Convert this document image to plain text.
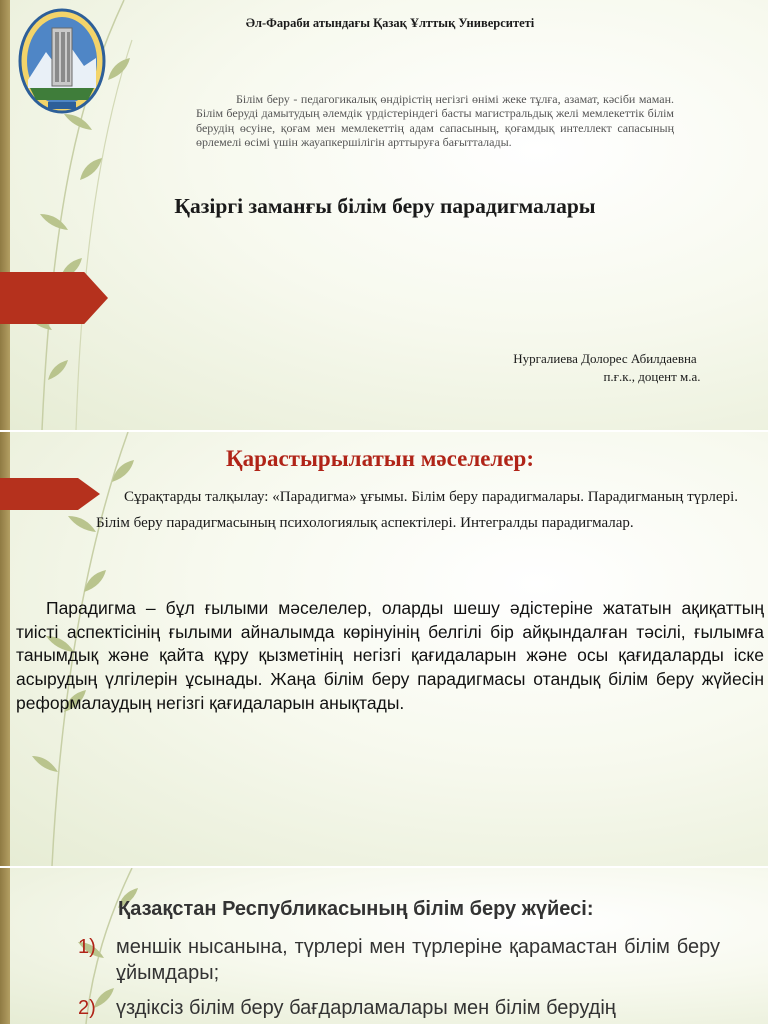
Әл-Фараби атындағы Қазақ Ұлттық Университеті

Білім беру - педагогикалық өндірістің негізгі өнімі жеке тұлға, азамат, кәсіби маман. Білім беруді дамытудың әлемдік үрдістеріндегі басты магистральдық желі мемлекеттік білім берудің өсуіне, қоғам мен мемлекеттің адам сапасының, қоғамдық интеллект сапасының өрлемелі өсімі үшін жауапкершілігін арттыруға бағытталады.

Қазіргі заманғы білім беру парадигмалары
Нургалиева Долорес Абилдаевна
п.ғ.к., доцент м.а.
Қарастырылатын мәселелер:

Сұрақтарды талқылау: «Парадигма» ұғымы. Білім беру парадигмалары. Парадигманың түрлері. Білім беру парадигмасының психологиялық аспектілері. Интегралды парадигмалар.

Парадигма – бұл ғылыми мәселелер, оларды шешу әдістеріне жататын ақиқаттың тиісті аспектісінің ғылыми айналымда көрінуінің белгілі бір айқындалған тәсілі, ғылымға танымдық және қайта құру қызметінің негізгі қағидаларын және осы қағидаларды іске асырудың үлгілерін ұсынады. Жаңа білім беру парадигмасы отандық білім беру жүйесін реформалаудың негізгі қағидаларын анықтады.

Қазақстан Республикасының білім беру жүйесі:
1)	меншік нысанына, түрлері мен түрлеріне қарамастан білім беру ұйымдары;
2)	үздіксіз білім беру бағдарламалары мен білім берудің
